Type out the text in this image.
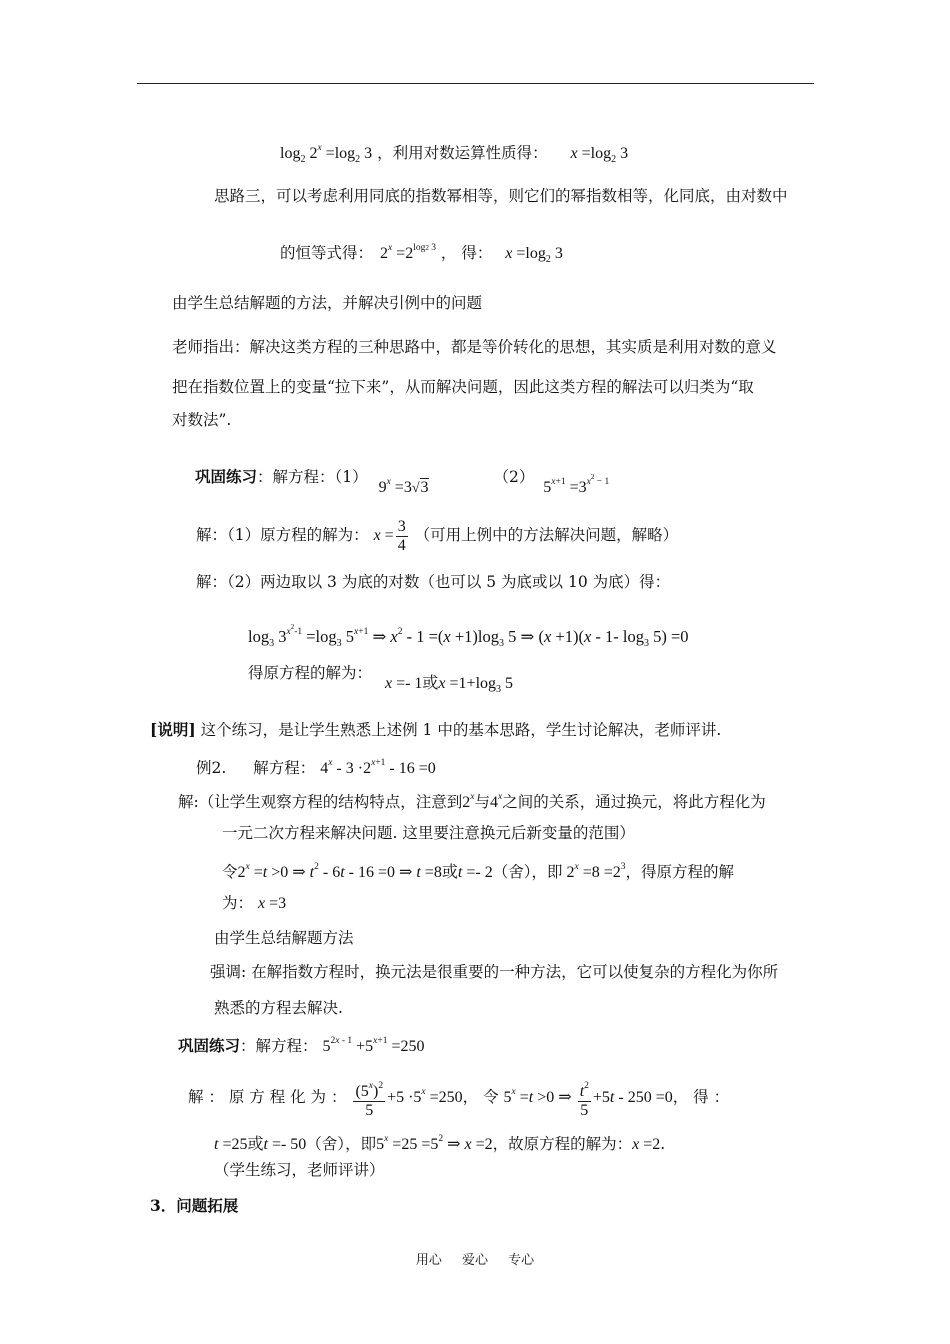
$\log_2 2^x =\log_2$ 3 ，利用对数运算性质得： $x =\log_2$ 3
思路三，可以考虑利用同底的指数幂相等，则它们的幂指数相等，化同底，由对数中
的恒等式得： $2^x =2^{log2 3}$ ， 得： $x =\log_2$ 3
由学生总结解题的方法，并解决引例中的问题
老师指出：解决这类方程的三种思路中，都是等价转化的思想，其实质是利用对数的意义
把在指数位置上的变量“拉下来”，从而解决问题，因此这类方程的解法可以归类为“取
对数法”.
巩固练习：解方程：（1） $9^x =3√3$ （2） $5^{x+1} =3^{x^2 - 1}$
解：（1）原方程的解为： $x = \frac{3}{4}$ （可用上例中的方法解决问题，解略）
解：（2）两边取以 3 为底的对数（也可以 5 为底或以 10 为底）得：
$\log_3 3^{x^2-1} =\log_3$ $5^{x+1}$ ⇒ $x^2 - 1 =(x +1)\log_3$ 5 ⇒ (x +1)(x - 1- $\log_3 5) =0$
得原方程的解为： x =- 1或$x =1+\log_3$ 5
[说明] 这个练习，是让学生熟悉上述例 1 中的基本思路，学生讨论解决，老师评讲.
例2. 解方程： $4^x - 3 \cdot 2^{x+1} - 16 =0$
解:（让学生观察方程的结构特点，注意到2$^x$与4$^x$之间的关系，通过换元，将此方程化为
一元二次方程来解决问题. 这里要注意换元后新变量的范围）
令$2^x =t >0$ ⇒ $t^2 - 6t - 16 =0$ ⇒ t =8或t =- 2（舍），即 $2^x =8 =2^3$，得原方程的解
为： x =3
由学生总结解题方法
强调: 在解指数方程时，换元法是很重要的一种方法，它可以使复杂的方程化为你所
熟悉的方程去解决.
巩固练习：解方程： $5^{2x - 1} +5^{x+1} =250$
解 ： 原 方 程 化 为 ： $\frac{(5^x)^2}{5} +5 \cdot 5^x =250$， 令 $5^x =t >0$ ⇒ $\frac{t^2}{5} +5t - 250 =0$， 得 ：
t =25或t =- 50（舍），即$5^x =25 =5^2$ ⇒ x =2，故原方程的解为：x =2.
（学生练习，老师评讲）
3．问题拓展
用心 爱心 专心
